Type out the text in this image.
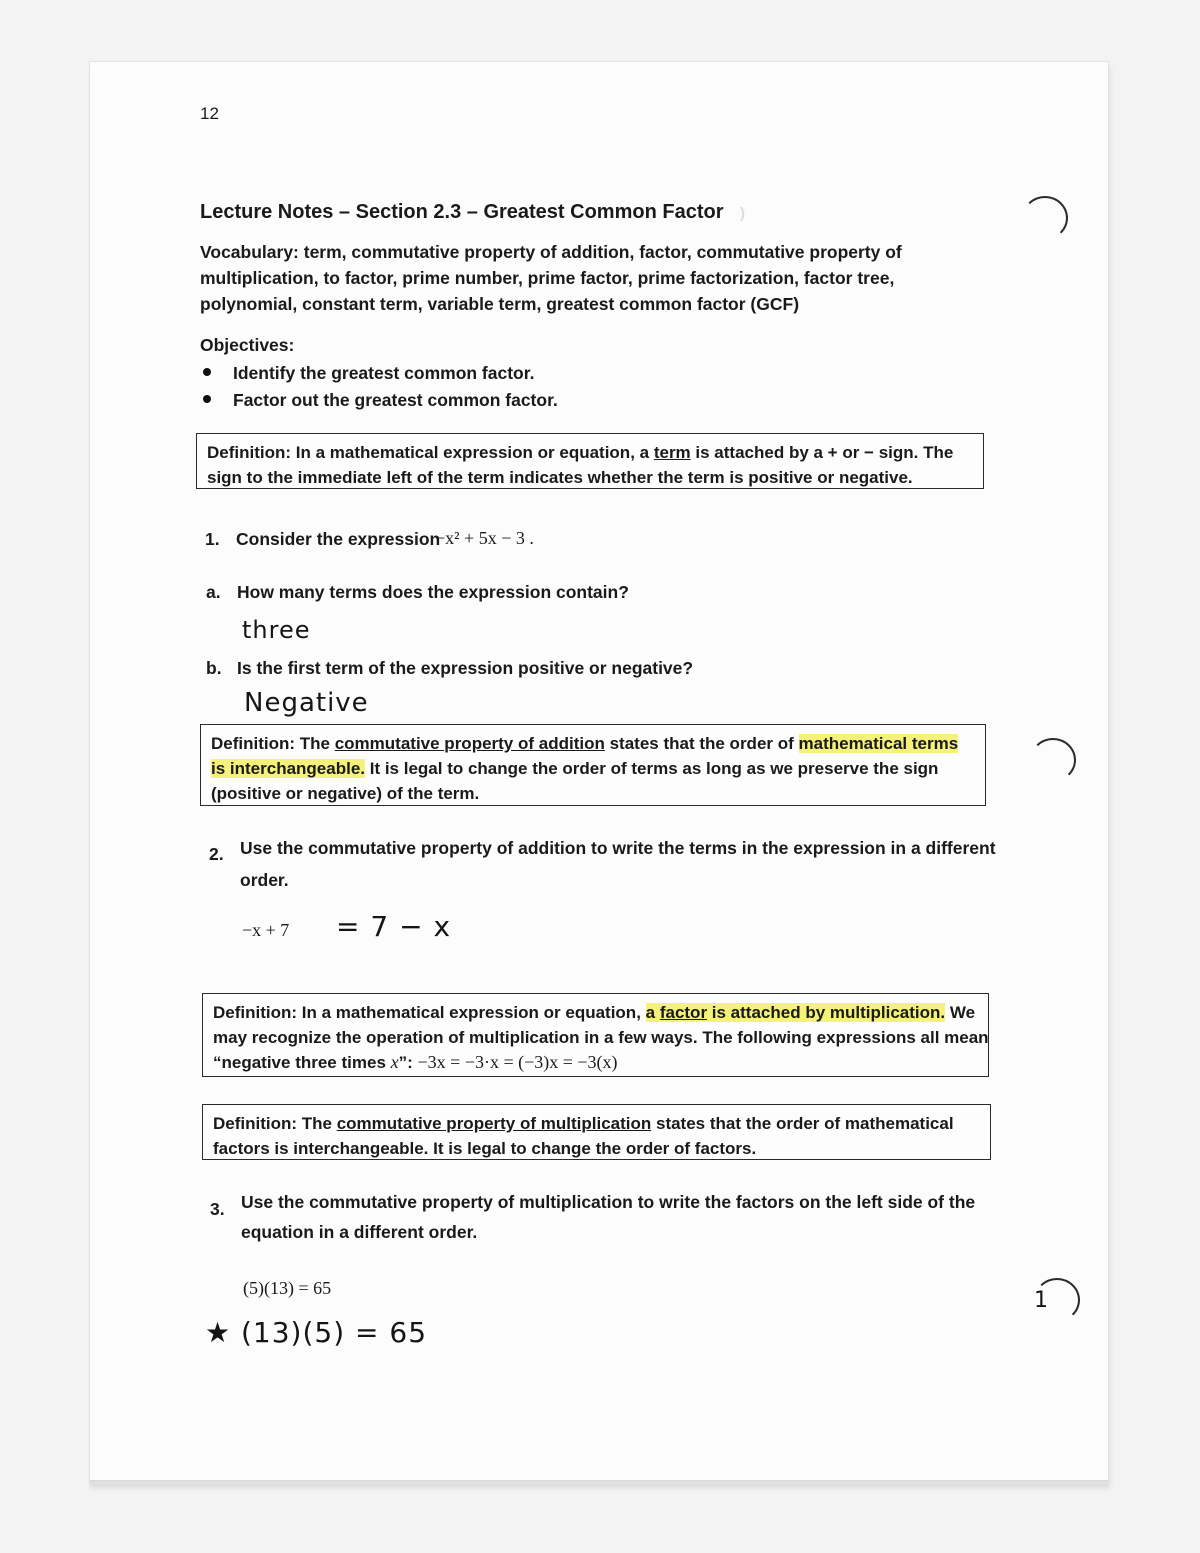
)
1
12
Lecture Notes – Section 2.3 – Greatest Common Factor
Vocabulary: term, commutative property of addition, factor, commutative property of
multiplication, to factor, prime number, prime factor, prime factorization, factor tree,
polynomial, constant term, variable term, greatest common factor (GCF)
Objectives:
Identify the greatest common factor.
Factor out the greatest common factor.
Definition: In a mathematical expression or equation, a term is attached by a + or − sign. The
sign to the immediate left of the term indicates whether the term is positive or negative.
1. Consider the expression
−x² + 5x − 3 .
a. How many terms does the expression contain?
three
b. Is the first term of the expression positive or negative?
Negative
Definition: The commutative property of addition states that the order of mathematical terms
is interchangeable. It is legal to change the order of terms as long as we preserve the sign
(positive or negative) of the term.
2. Use the commutative property of addition to write the terms in the expression in a different
order.
−x + 7 = 7 − x
Definition: In a mathematical expression or equation, a factor is attached by multiplication. We
may recognize the operation of multiplication in a few ways. The following expressions all mean
“negative three times x”: −3x = −3·x = (−3)x = −3(x)
Definition: The commutative property of multiplication states that the order of mathematical
factors is interchangeable. It is legal to change the order of factors.
3. Use the commutative property of multiplication to write the factors on the left side of the
equation in a different order.
(5)(13) = 65
★ (13)(5) = 65
